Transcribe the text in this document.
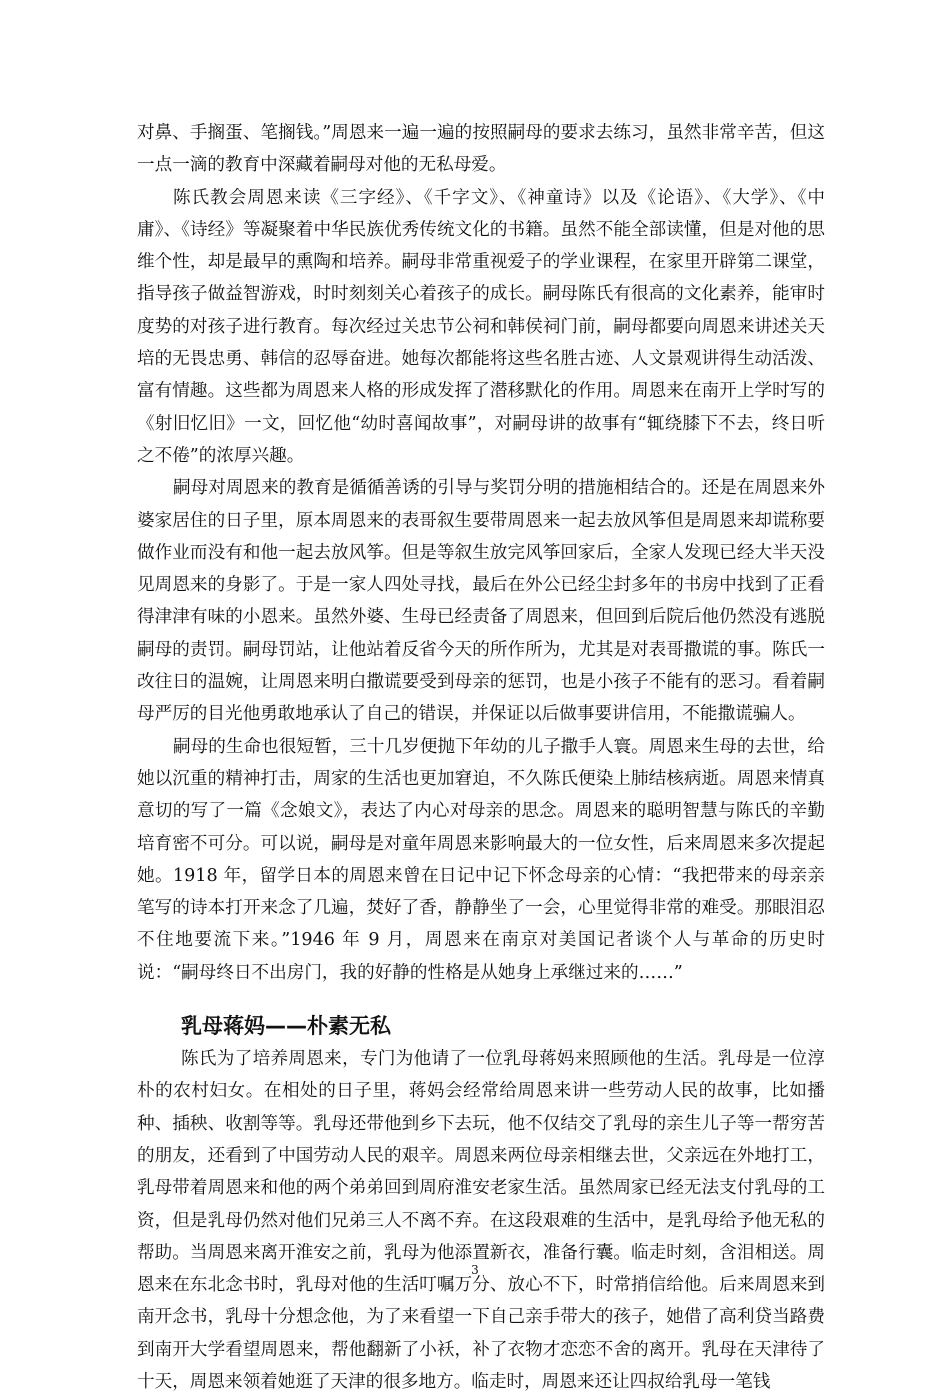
对鼻、手搁蛋、笔搁钱。”周恩来一遍一遍的按照嗣母的要求去练习，虽然非常辛苦，但这一点一滴的教育中深藏着嗣母对他的无私母爱。

陈氏教会周恩来读《三字经》、《千字文》、《神童诗》以及《论语》、《大学》、《中庸》、《诗经》等凝聚着中华民族优秀传统文化的书籍。虽然不能全部读懂，但是对他的思维个性，却是最早的熏陶和培养。嗣母非常重视爱子的学业课程，在家里开辟第二课堂，指导孩子做益智游戏，时时刻刻关心着孩子的成长。嗣母陈氏有很高的文化素养，能审时度势的对孩子进行教育。每次经过关忠节公祠和韩侯祠门前，嗣母都要向周恩来讲述关天培的无畏忠勇、韩信的忍辱奋进。她每次都能将这些名胜古迹、人文景观讲得生动活泼、富有情趣。这些都为周恩来人格的形成发挥了潜移默化的作用。周恩来在南开上学时写的《射旧忆旧》一文，回忆他“幼时喜闻故事”，对嗣母讲的故事有“辄绕膝下不去，终日听之不倦”的浓厚兴趣。

嗣母对周恩来的教育是循循善诱的引导与奖罚分明的措施相结合的。还是在周恩来外婆家居住的日子里，原本周恩来的表哥叙生要带周恩来一起去放风筝但是周恩来却谎称要做作业而没有和他一起去放风筝。但是等叙生放完风筝回家后，全家人发现已经大半天没见周恩来的身影了。于是一家人四处寻找，最后在外公已经尘封多年的书房中找到了正看得津津有味的小恩来。虽然外婆、生母已经责备了周恩来，但回到后院后他仍然没有逃脱嗣母的责罚。嗣母罚站，让他站着反省今天的所作所为，尤其是对表哥撒谎的事。陈氏一改往日的温婉，让周恩来明白撒谎要受到母亲的惩罚，也是小孩子不能有的恶习。看着嗣母严厉的目光他勇敢地承认了自己的错误，并保证以后做事要讲信用，不能撒谎骗人。

嗣母的生命也很短暂，三十几岁便抛下年幼的儿子撒手人寰。周恩来生母的去世，给她以沉重的精神打击，周家的生活也更加窘迫，不久陈氏便染上肺结核病逝。周恩来情真意切的写了一篇《念娘文》，表达了内心对母亲的思念。周恩来的聪明智慧与陈氏的辛勤培育密不可分。可以说，嗣母是对童年周恩来影响最大的一位女性，后来周恩来多次提起她。1918 年，留学日本的周恩来曾在日记中记下怀念母亲的心情：“我把带来的母亲亲笔写的诗本打开来念了几遍，焚好了香，静静坐了一会，心里觉得非常的难受。那眼泪忍不住地要流下来。”1946 年 9 月，周恩来在南京对美国记者谈个人与革命的历史时说：“嗣母终日不出房门，我的好静的性格是从她身上承继过来的……”

乳母蒋妈——朴素无私

陈氏为了培养周恩来，专门为他请了一位乳母蒋妈来照顾他的生活。乳母是一位淳朴的农村妇女。在相处的日子里，蒋妈会经常给周恩来讲一些劳动人民的故事，比如播种、插秧、收割等等。乳母还带他到乡下去玩，他不仅结交了乳母的亲生儿子等一帮穷苦的朋友，还看到了中国劳动人民的艰辛。周恩来两位母亲相继去世，父亲远在外地打工，乳母带着周恩来和他的两个弟弟回到周府淮安老家生活。虽然周家已经无法支付乳母的工资，但是乳母仍然对他们兄弟三人不离不弃。在这段艰难的生活中，是乳母给予他无私的帮助。当周恩来离开淮安之前，乳母为他添置新衣，准备行囊。临走时刻，含泪相送。周恩来在东北念书时，乳母对他的生活叮嘱万分、放心不下，时常捎信给他。后来周恩来到南开念书，乳母十分想念他，为了来看望一下自己亲手带大的孩子，她借了高利贷当路费到南开大学看望周恩来，帮他翻新了小袄，补了衣物才恋恋不舍的离开。乳母在天津待了十天，周恩来领着她逛了天津的很多地方。临走时，周恩来还让四叔给乳母一笔钱

3
